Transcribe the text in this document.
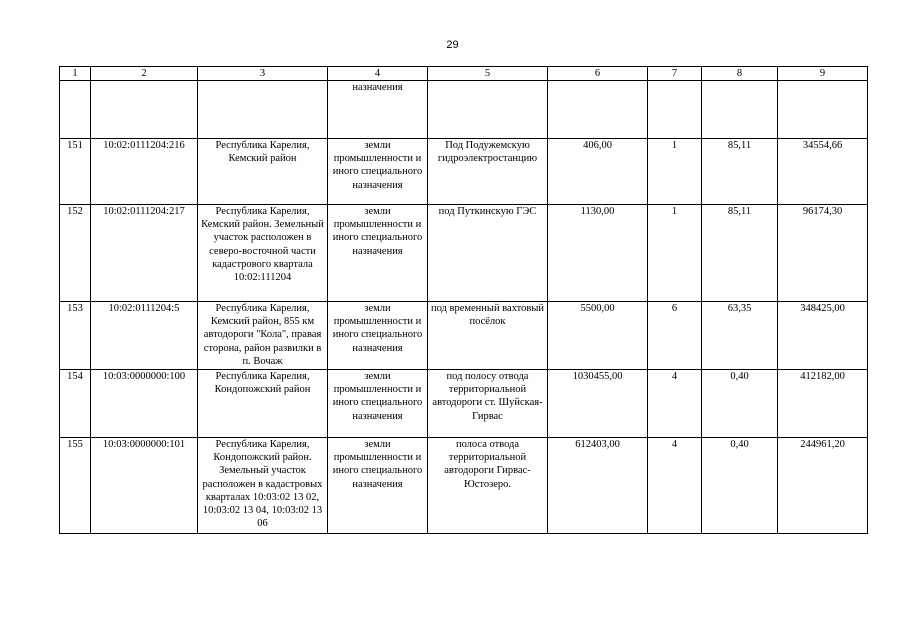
29
1	2	3	4	5	6	7	8	9
			назначения					
151	10:02:0111204:216	Республика Карелия, Кемский район	земли промышленности и иного специального назначения	Под Подужемскую гидроэлектростанцию	406,00	1	85,11	34554,66
152	10:02:0111204:217	Республика Карелия, Кемский район. Земельный участок расположен в северо-восточной части кадастрового квартала 10:02:111204	земли промышленности и иного специального назначения	под Путкинскую ГЭС	1130,00	1	85,11	96174,30
153	10:02:0111204:5	Республика Карелия, Кемский район, 855 км автодороги "Кола", правая сторона, район развилки в п. Вочаж	земли промышленности и иного специального назначения	под временный вахтовый посёлок	5500,00	6	63,35	348425,00
154	10:03:0000000:100	Республика Карелия, Кондопожский район	земли промышленности и иного специального назначения	под полосу отвода территориальной автодороги ст. Шуйская-Гирвас	1030455,00	4	0,40	412182,00
155	10:03:0000000:101	Республика Карелия, Кондопожский район. Земельный участок расположен в кадастровых кварталах 10:03:02 13 02, 10:03:02 13 04, 10:03:02 13 06	земли промышленности и иного специального назначения	полоса отвода территориальной автодороги Гирвас-Юстозеро.	612403,00	4	0,40	244961,20
